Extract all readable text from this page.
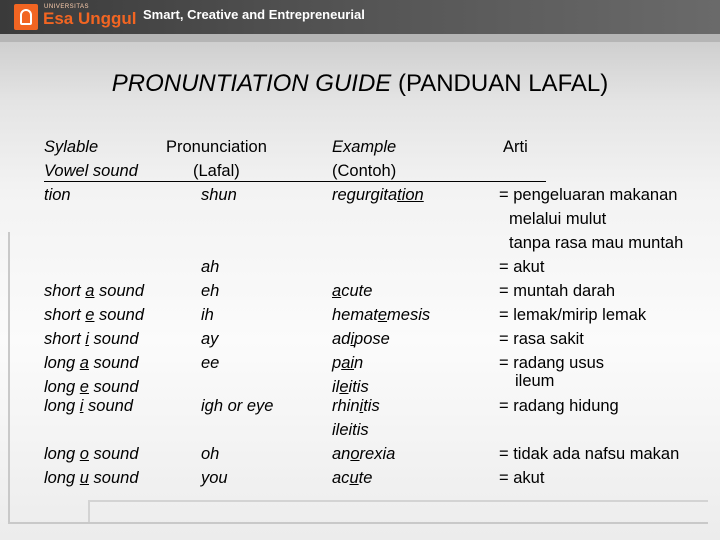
UNIVERSITAS
Esa Unggul Smart, Creative and Entrepreneurial
PRONUNTIATION GUIDE (PANDUAN LAFAL)
Sylable
Vowel sound
tion
short a sound
short e sound
short i sound
long a sound
long e sound
long i sound
long o sound
long u sound
Pronunciation
(Lafal)
shun
ah
eh
ih
ay
ee
igh or eye
oh
you
Example
(Contoh)
regurgitation
acute
hematemesis
adipose
pain
ileitis
rhinitis
ileitis
anorexia
acute
Arti
= pengeluaran makanan
melalui mulut
tanpa rasa mau muntah
= akut
= muntah darah
= lemak/mirip lemak
= rasa sakit
= radang usus
ileum
= radang hidung
= tidak ada nafsu makan
= akut
